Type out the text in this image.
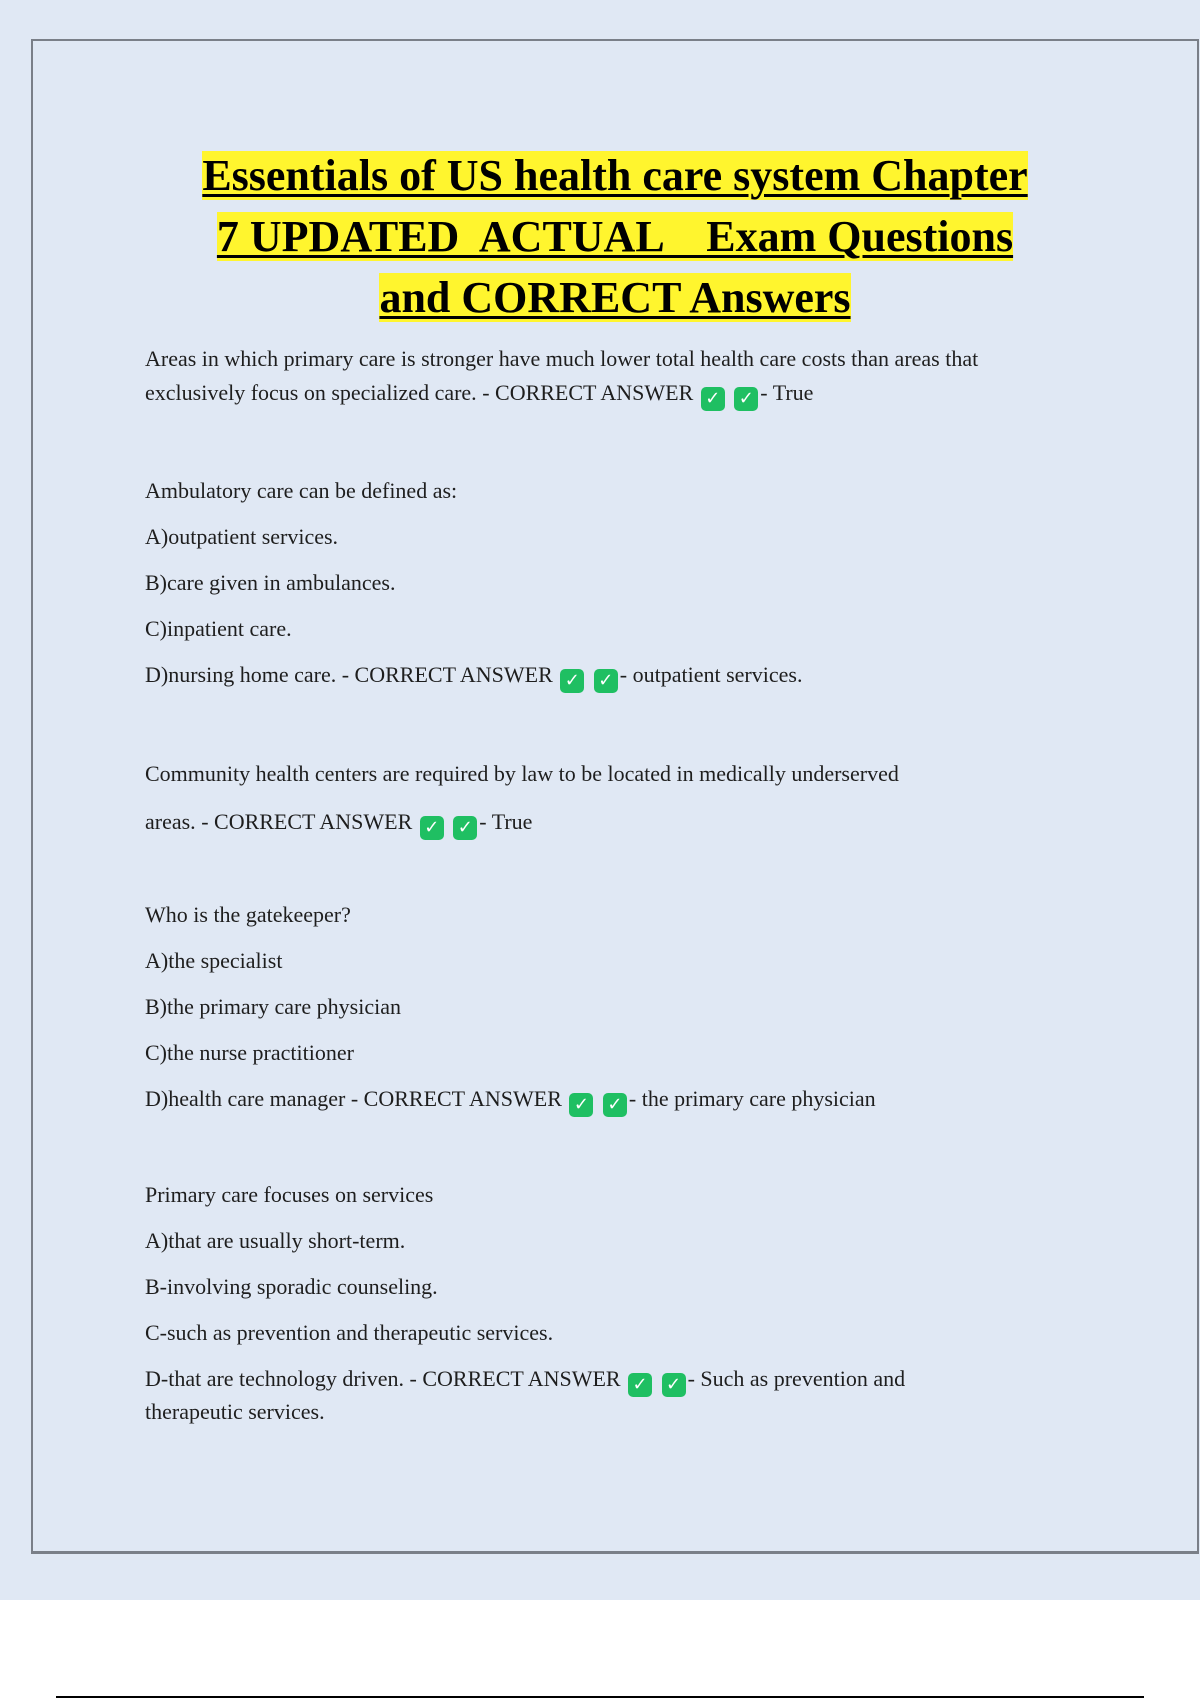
Essentials of US health care system Chapter
7 UPDATED  ACTUAL    Exam Questions
and CORRECT Answers

Areas in which primary care is stronger have much lower total health care costs than areas that

exclusively focus on specialized care. - CORRECT ANSWER ✓ ✓ - True

Ambulatory care can be defined as:

A)outpatient services.

B)care given in ambulances.

C)inpatient care.

D)nursing home care. - CORRECT ANSWER ✓ ✓ - outpatient services.

Community health centers are required by law to be located in medically underserved

areas. - CORRECT ANSWER ✓ ✓ - True

Who is the gatekeeper?

A)the specialist

B)the primary care physician

C)the nurse practitioner

D)health care manager - CORRECT ANSWER ✓ ✓ - the primary care physician

Primary care focuses on services

A)that are usually short-term.

B-involving sporadic counseling.

C-such as prevention and therapeutic services.

D-that are technology driven. - CORRECT ANSWER ✓ ✓ - Such as prevention and

therapeutic services.
